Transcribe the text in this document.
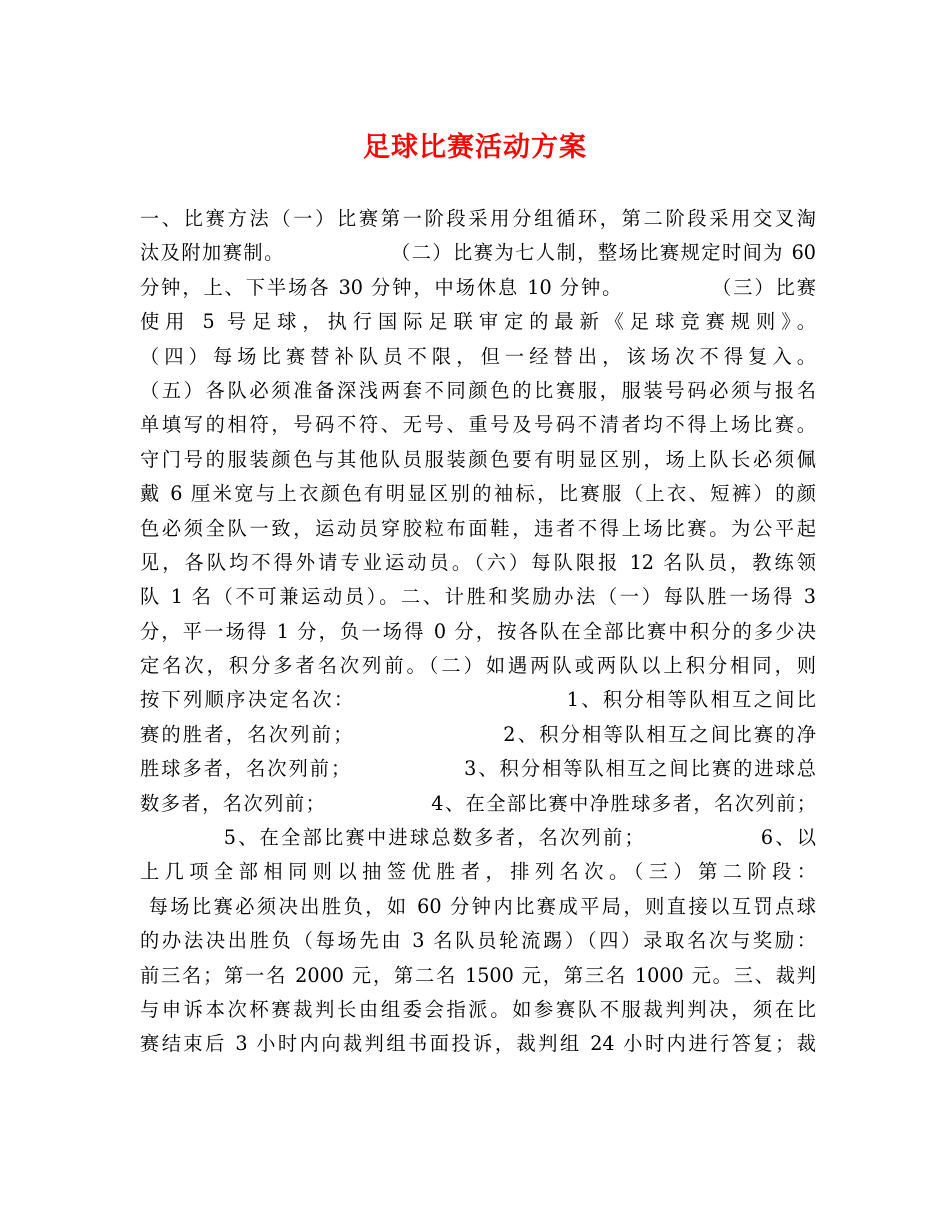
足球比赛活动方案
一、比赛方法（一）比赛第一阶段采用分组循环，第二阶段采用交叉淘
汰及附加赛制。              （二）比赛为七人制，整场比赛规定时间为 60
分钟，上、下半场各 30 分钟，中场休息 10 分钟。           （三）比赛
使用 5 号足球，执行国际足联审定的最新《足球竞赛规则》。
（四）每场比赛替补队员不限，但一经替出，该场次不得复入。
（五）各队必须准备深浅两套不同颜色的比赛服，服装号码必须与报名
单填写的相符，号码不符、无号、重号及号码不清者均不得上场比赛。
守门号的服装颜色与其他队员服装颜色要有明显区别，场上队长必须佩
戴 6 厘米宽与上衣颜色有明显区别的袖标，比赛服（上衣、短裤）的颜
色必须全队一致，运动员穿胶粒布面鞋，违者不得上场比赛。为公平起
见，各队均不得外请专业运动员。（六）每队限报 12 名队员，教练领
队 1 名（不可兼运动员）。二、计胜和奖励办法（一）每队胜一场得 3
分，平一场得 1 分，负一场得 0 分，按各队在全部比赛中积分的多少决
定名次，积分多者名次列前。（二）如遇两队或两队以上积分相同，则
按下列顺序决定名次：                         1、积分相等队相互之间比
赛的胜者，名次列前；                  2、积分相等队相互之间比赛的净
胜球多者，名次列前；              3、积分相等队相互之间比赛的进球总
数多者，名次列前；              4、在全部比赛中净胜球多者，名次列前；
5、在全部比赛中进球总数多者，名次列前；              6、以
上几项全部相同则以抽签优胜者，排列名次。（三）第二阶段：
每场比赛必须决出胜负，如 60 分钟内比赛成平局，则直接以互罚点球
的办法决出胜负（每场先由 3 名队员轮流踢）（四）录取名次与奖励：
前三名；第一名 2000 元，第二名 1500 元，第三名 1000 元。三、裁判
与申诉本次杯赛裁判长由组委会指派。如参赛队不服裁判判决，须在比
赛结束后 3 小时内向裁判组书面投诉，裁判组 24 小时内进行答复；裁
